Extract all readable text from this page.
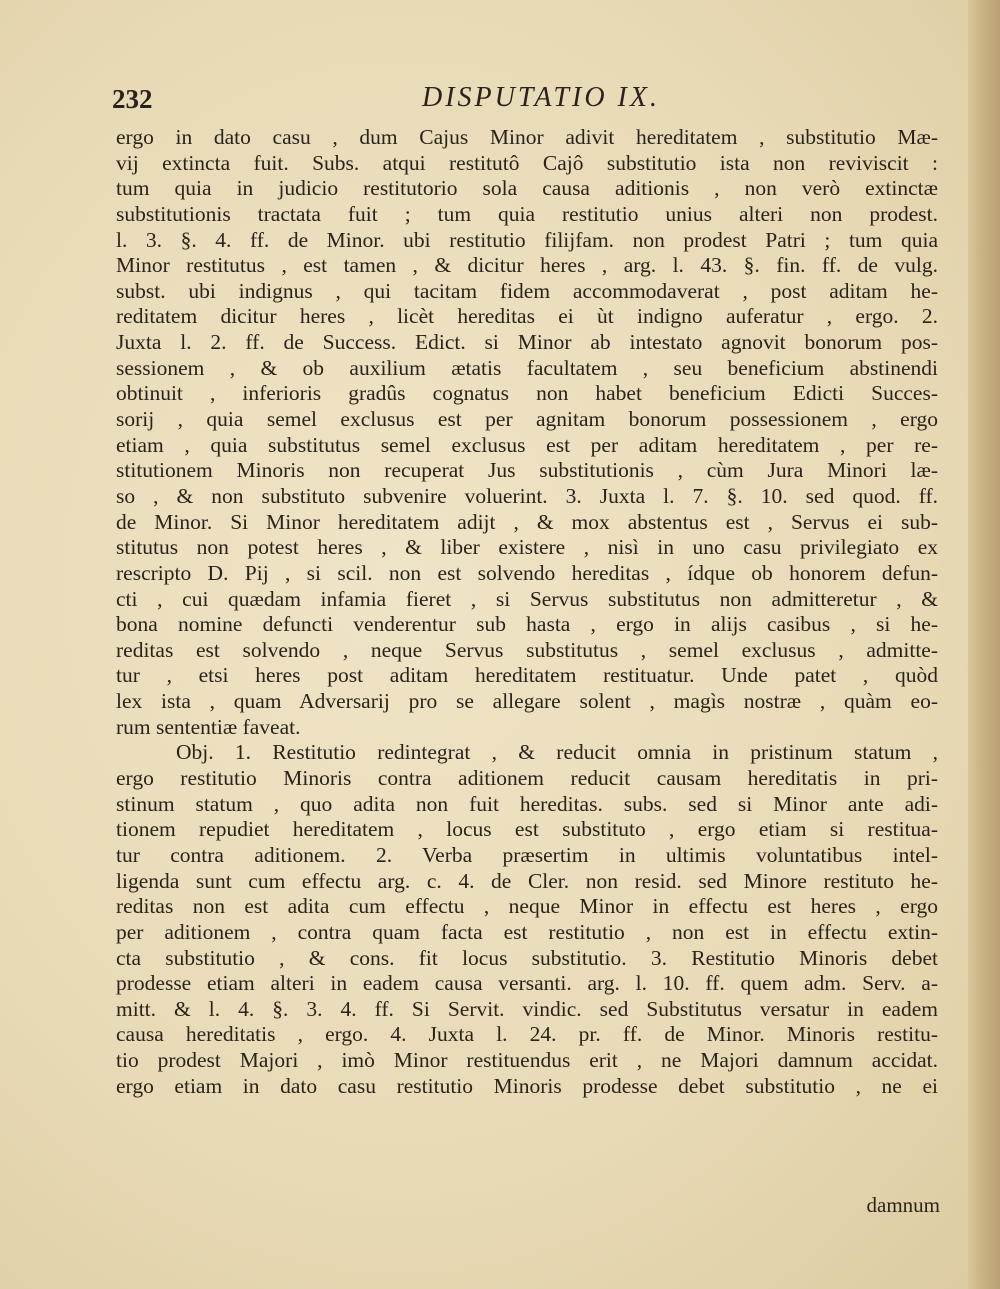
232	DISPUTATIO IX.
ergo in dato casu , dum Cajus Minor adivit hereditatem , substitutio Mæ-
vij extincta fuit. Subs. atqui restitutô Cajô substitutio ista non reviviscit :
tum quia in judicio restitutorio sola causa aditionis , non verò extinctæ
substitutionis tractata fuit ; tum quia restitutio unius alteri non prodest.
l. 3. §. 4. ff. de Minor. ubi restitutio filijfam. non prodest Patri ; tum quia
Minor restitutus , est tamen , & dicitur heres , arg. l. 43. §. fin. ff. de vulg.
subst. ubi indignus , qui tacitam fidem accommodaverat , post aditam he-
reditatem dicitur heres , licèt hereditas ei ùt indigno auferatur , ergo. 2.
Juxta l. 2. ff. de Success. Edict. si Minor ab intestato agnovit bonorum pos-
sessionem , & ob auxilium ætatis facultatem , seu beneficium abstinendi
obtinuit , inferioris gradûs cognatus non habet beneficium Edicti Succes-
sorij , quia semel exclusus est per agnitam bonorum possessionem , ergo
etiam , quia substitutus semel exclusus est per aditam hereditatem , per re-
stitutionem Minoris non recuperat Jus substitutionis , cùm Jura Minori læ-
so , & non substituto subvenire voluerint. 3. Juxta l. 7. §. 10. sed quod. ff.
de Minor. Si Minor hereditatem adijt , & mox abstentus est , Servus ei sub-
stitutus non potest heres , & liber existere , nisì in uno casu privilegiato ex
rescripto D. Pij , si scil. non est solvendo hereditas , ídque ob honorem defun-
cti , cui quædam infamia fieret , si Servus substitutus non admitteretur , &
bona nomine defuncti venderentur sub hasta , ergo in alijs casibus , si he-
reditas est solvendo , neque Servus substitutus , semel exclusus , admitte-
tur , etsi heres post aditam hereditatem restituatur. Unde patet , quòd
lex ista , quam Adversarij pro se allegare solent , magìs nostræ , quàm eo-
rum sententiæ faveat.
Obj. 1. Restitutio redintegrat , & reducit omnia in pristinum statum ,
ergo restitutio Minoris contra aditionem reducit causam hereditatis in pri-
stinum statum , quo adita non fuit hereditas. subs. sed si Minor ante adi-
tionem repudiet hereditatem , locus est substituto , ergo etiam si restitua-
tur contra aditionem. 2. Verba præsertim in ultimis voluntatibus intel-
ligenda sunt cum effectu arg. c. 4. de Cler. non resid. sed Minore restituto he-
reditas non est adita cum effectu , neque Minor in effectu est heres , ergo
per aditionem , contra quam facta est restitutio , non est in effectu extin-
cta substitutio , & cons. fit locus substitutio. 3. Restitutio Minoris debet
prodesse etiam alteri in eadem causa versanti. arg. l. 10. ff. quem adm. Serv. a-
mitt. & l. 4. §. 3. 4. ff. Si Servit. vindic. sed Substitutus versatur in eadem
causa hereditatis , ergo. 4. Juxta l. 24. pr. ff. de Minor. Minoris restitu-
tio prodest Majori , imò Minor restituendus erit , ne Majori damnum accidat.
ergo etiam in dato casu restitutio Minoris prodesse debet substitutio , ne ei
damnum
